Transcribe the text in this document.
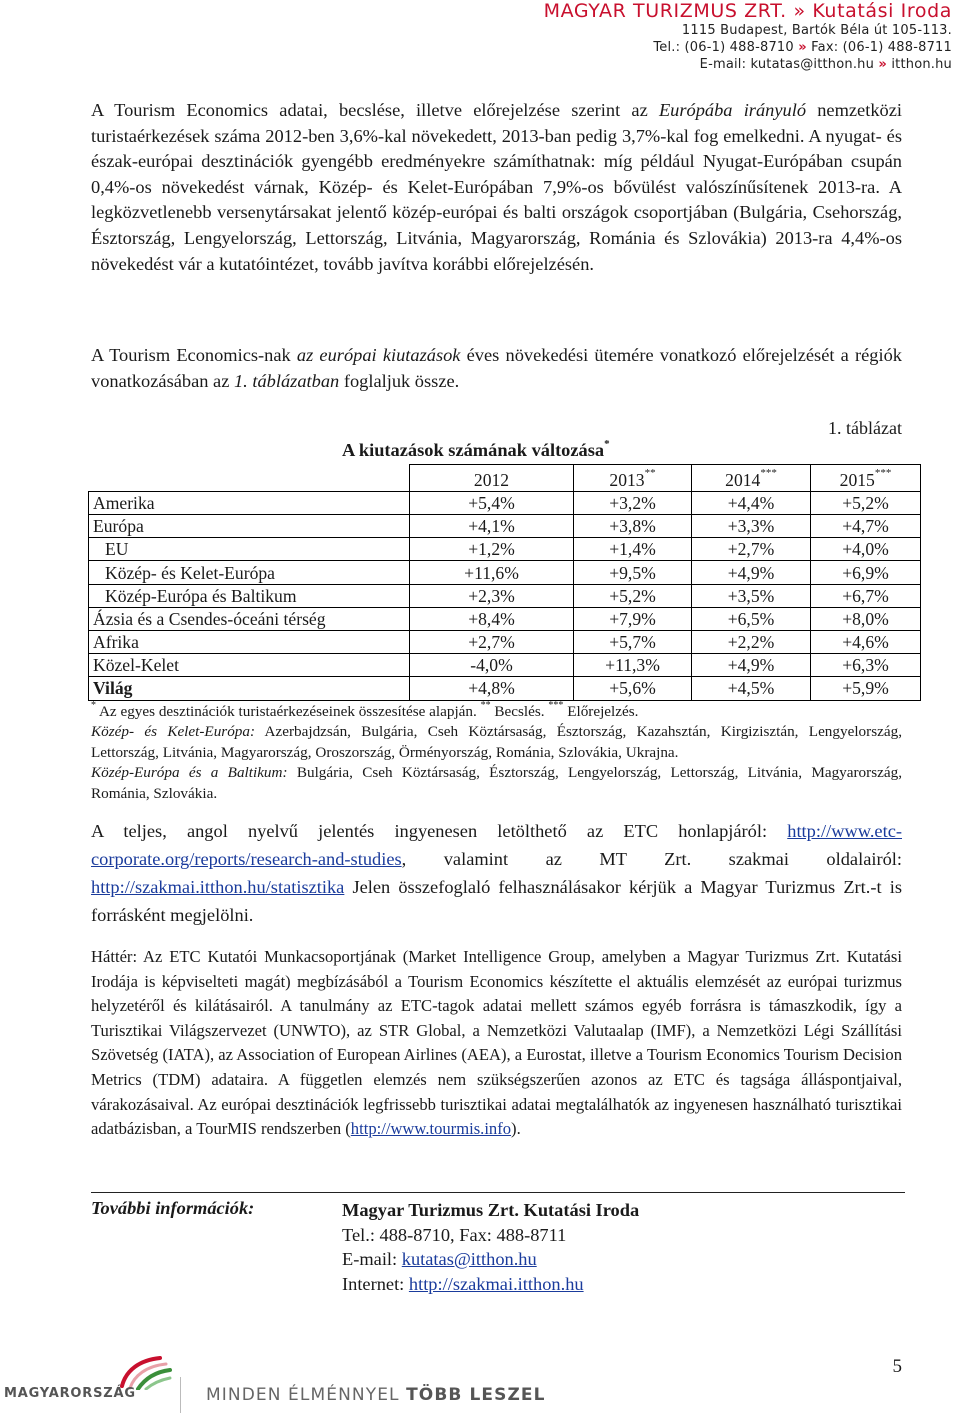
MAGYAR TURIZMUS ZRT. » Kutatási Iroda
1115 Budapest, Bartók Béla út 105-113.
Tel.: (06-1) 488-8710 » Fax: (06-1) 488-8711
E-mail: kutatas@itthon.hu » itthon.hu

A Tourism Economics adatai, becslése, illetve előrejelzése szerint az Európába irányuló nemzetközi turistaérkezések száma 2012-ben 3,6%-kal növekedett, 2013-ban pedig 3,7%-kal fog emelkedni. A nyugat- és észak-európai desztinációk gyengébb eredményekre számíthatnak: míg például Nyugat-Európában csupán 0,4%-os növekedést várnak, Közép- és Kelet-Európában 7,9%-os bővülést valószínűsítenek 2013-ra. A legközvetlenebb versenytársakat jelentő közép-európai és balti országok csoportjában (Bulgária, Csehország, Észtország, Lengyelország, Lettország, Litvánia, Magyarország, Románia és Szlovákia) 2013-ra 4,4%-os növekedést vár a kutatóintézet, tovább javítva korábbi előrejelzésén.

A Tourism Economics-nak az európai kiutazások éves növekedési ütemére vonatkozó előrejelzését a régiók vonatkozásában az 1. táblázatban foglaljuk össze.

1. táblázat
A kiutazások számának változása*
	2012	2013**	2014***	2015***
Amerika	+5,4%	+3,2%	+4,4%	+5,2%
Európa	+4,1%	+3,8%	+3,3%	+4,7%
EU	+1,2%	+1,4%	+2,7%	+4,0%
Közép- és Kelet-Európa	+11,6%	+9,5%	+4,9%	+6,9%
Közép-Európa és Baltikum	+2,3%	+5,2%	+3,5%	+6,7%
Ázsia és a Csendes-óceáni térség	+8,4%	+7,9%	+6,5%	+8,0%
Afrika	+2,7%	+5,7%	+2,2%	+4,6%
Közel-Kelet	-4,0%	+11,3%	+4,9%	+6,3%
Világ	+4,8%	+5,6%	+4,5%	+5,9%

* Az egyes desztinációk turistaérkezéseinek összesítése alapján. ** Becslés. *** Előrejelzés.

Közép- és Kelet-Európa: Azerbajdzsán, Bulgária, Cseh Köztársaság, Észtország, Kazahsztán, Kirgizisztán, Lengyelország, Lettország, Litvánia, Magyarország, Oroszország, Örményország, Románia, Szlovákia, Ukrajna.

Közép-Európa és a Baltikum: Bulgária, Cseh Köztársaság, Észtország, Lengyelország, Lettország, Litvánia, Magyarország, Románia, Szlovákia.

A teljes, angol nyelvű jelentés ingyenesen letölthető az ETC honlapjáról: http://www.etc-corporate.org/reports/research-and-studies, valamint az MT Zrt. szakmai oldalairól: http://szakmai.itthon.hu/statisztika Jelen összefoglaló felhasználásakor kérjük a Magyar Turizmus Zrt.-t is forrásként megjelölni.

Háttér: Az ETC Kutatói Munkacsoportjának (Market Intelligence Group, amelyben a Magyar Turizmus Zrt. Kutatási Irodája is képviselteti magát) megbízásából a Tourism Economics készítette el aktuális elemzését az európai turizmus helyzetéről és kilátásairól. A tanulmány az ETC-tagok adatai mellett számos egyéb forrásra is támaszkodik, így a Turisztikai Világszervezet (UNWTO), az STR Global, a Nemzetközi Valutaalap (IMF), a Nemzetközi Légi Szállítási Szövetség (IATA), az Association of European Airlines (AEA), a Eurostat, illetve a Tourism Economics Tourism Decision Metrics (TDM) adataira. A független elemzés nem szükségszerűen azonos az ETC és tagsága álláspontjaival, várakozásaival. Az európai desztinációk legfrissebb turisztikai adatai megtalálhatók az ingyenesen használható turisztikai adatbázisban, a TourMIS rendszerben (http://www.tourmis.info).

További információk:	Magyar Turizmus Zrt. Kutatási Iroda
Tel.: 488-8710, Fax: 488-8711
E-mail: kutatas@itthon.hu
Internet: http://szakmai.itthon.hu
5
MAGYARORSZÁG	MINDEN ÉLMÉNNYEL TÖBB LESZEL
